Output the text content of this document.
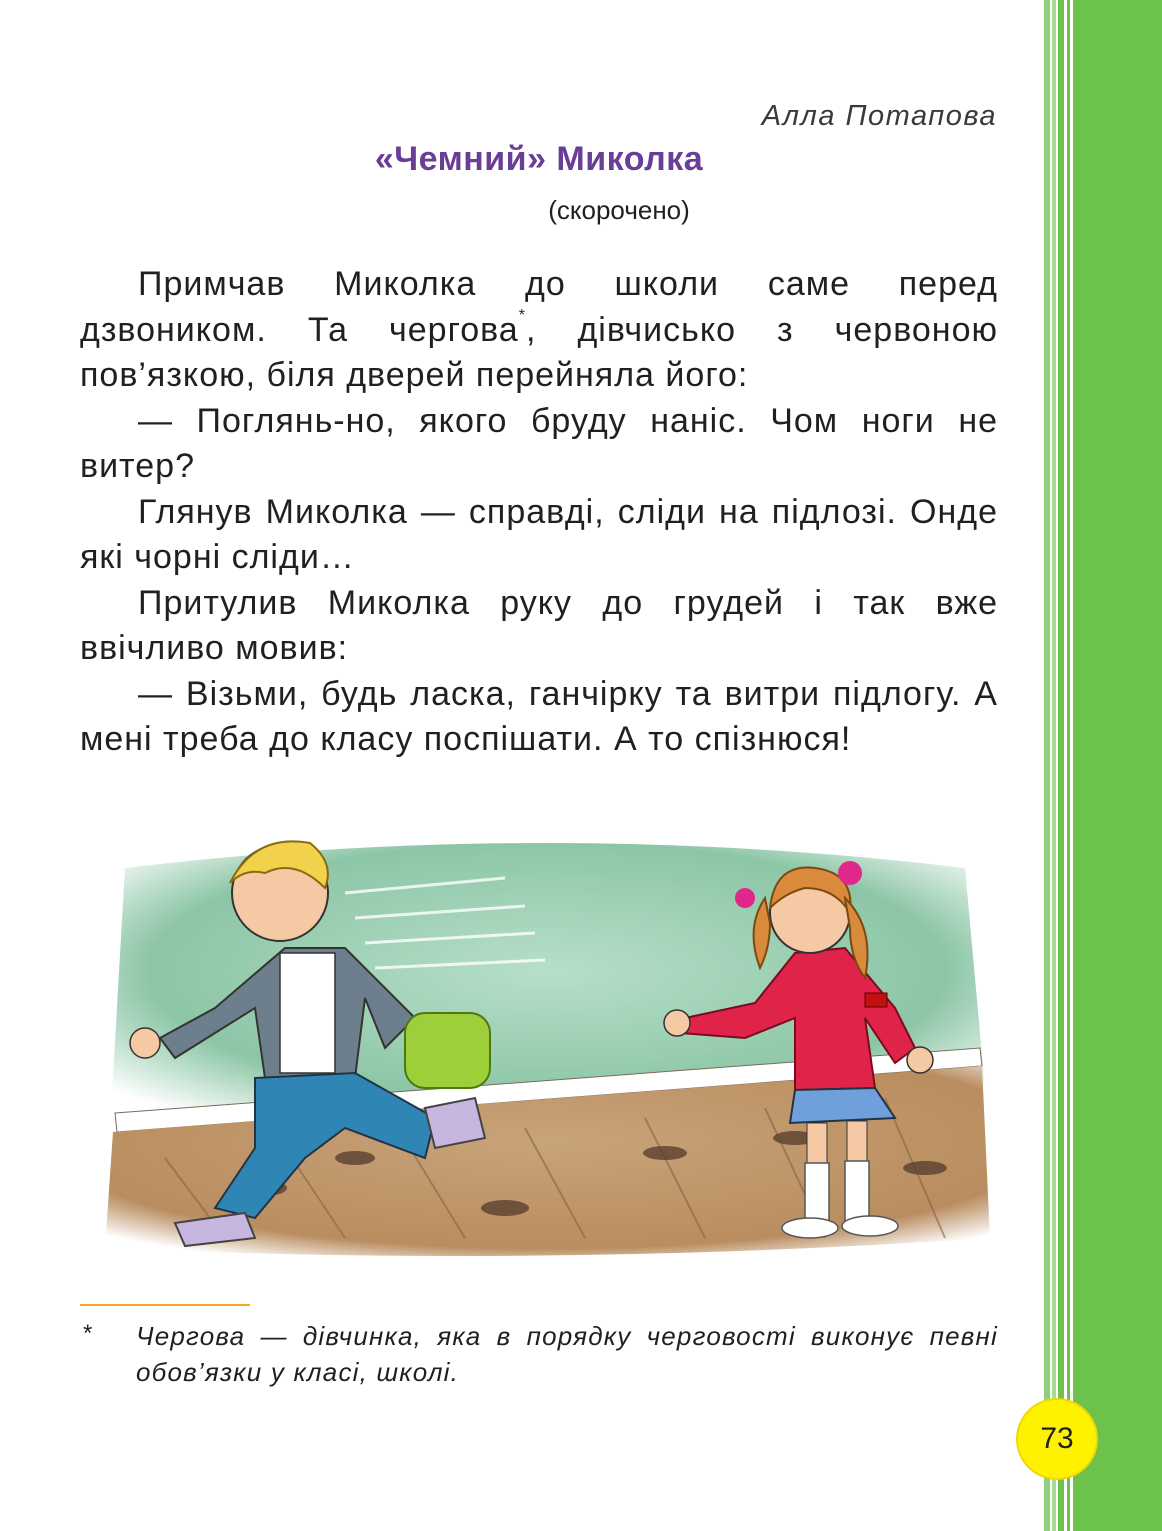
Алла Потапова
«Чемний» Миколка
(скорочено)

Примчав Миколка до школи саме перед дзвоником. Та чергова*, дівчисько з червоною пов’язкою, біля дверей перейняла його:

— Поглянь-но, якого бруду наніс. Чом ноги не витер?

Глянув Миколка — справді, сліди на підлозі. Онде які чорні сліди…

Притулив Миколка руку до грудей і так вже ввічливо мовив:

— Візьми, будь ласка, ганчірку та витри підлогу. А мені треба до класу поспішати. А то спізнюся!

* Чергова — дівчинка, яка в порядку черговості виконує певні обов’язки у класі, школі.
73
